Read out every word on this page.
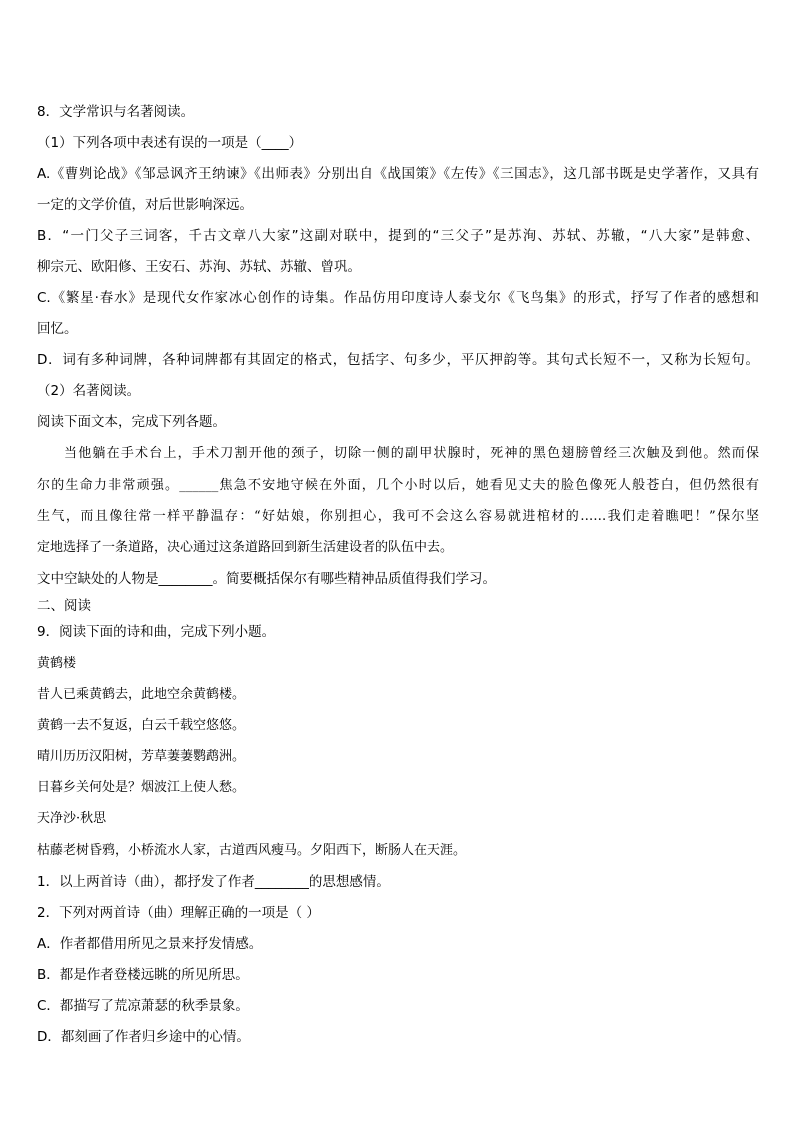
8．文学常识与名著阅读。
（1）下列各项中表述有误的一项是（____）
A.《曹刿论战》《邹忌讽齐王纳谏》《出师表》分别出自《战国策》《左传》《三国志》，这几部书既是史学著作，又具有
一定的文学价值，对后世影响深远。
B．“一门父子三词客，千古文章八大家”这副对联中，提到的“三父子”是苏洵、苏轼、苏辙，“八大家”是韩愈、
柳宗元、欧阳修、王安石、苏洵、苏轼、苏辙、曾巩。
C.《繁星·春水》是现代女作家冰心创作的诗集。作品仿用印度诗人泰戈尔《飞鸟集》的形式，抒写了作者的感想和
回忆。
D．词有多种词牌，各种词牌都有其固定的格式，包括字、句多少，平仄押韵等。其句式长短不一，又称为长短句。
（2）名著阅读。
阅读下面文本，完成下列各题。
当他躺在手术台上，手术刀割开他的颈子，切除一侧的副甲状腺时，死神的黑色翅膀曾经三次触及到他。然而保
尔的生命力非常顽强。______焦急不安地守候在外面，几个小时以后，她看见丈夫的脸色像死人般苍白，但仍然很有
生气，而且像往常一样平静温存：“好姑娘，你别担心，我可不会这么容易就进棺材的……我们走着瞧吧！”保尔坚
定地选择了一条道路，决心通过这条道路回到新生活建设者的队伍中去。
文中空缺处的人物是________。简要概括保尔有哪些精神品质值得我们学习。
二、阅读
9．阅读下面的诗和曲，完成下列小题。
黄鹤楼
昔人已乘黄鹤去，此地空余黄鹤楼。
黄鹤一去不复返，白云千载空悠悠。
晴川历历汉阳树，芳草萋萋鹦鹉洲。
日暮乡关何处是？烟波江上使人愁。
天净沙·秋思
枯藤老树昏鸦，小桥流水人家，古道西风瘦马。夕阳西下，断肠人在天涯。
1．以上两首诗（曲），都抒发了作者________的思想感情。
2．下列对两首诗（曲）理解正确的一项是（ ）
A．作者都借用所见之景来抒发情感。
B．都是作者登楼远眺的所见所思。
C．都描写了荒凉萧瑟的秋季景象。
D．都刻画了作者归乡途中的心情。
